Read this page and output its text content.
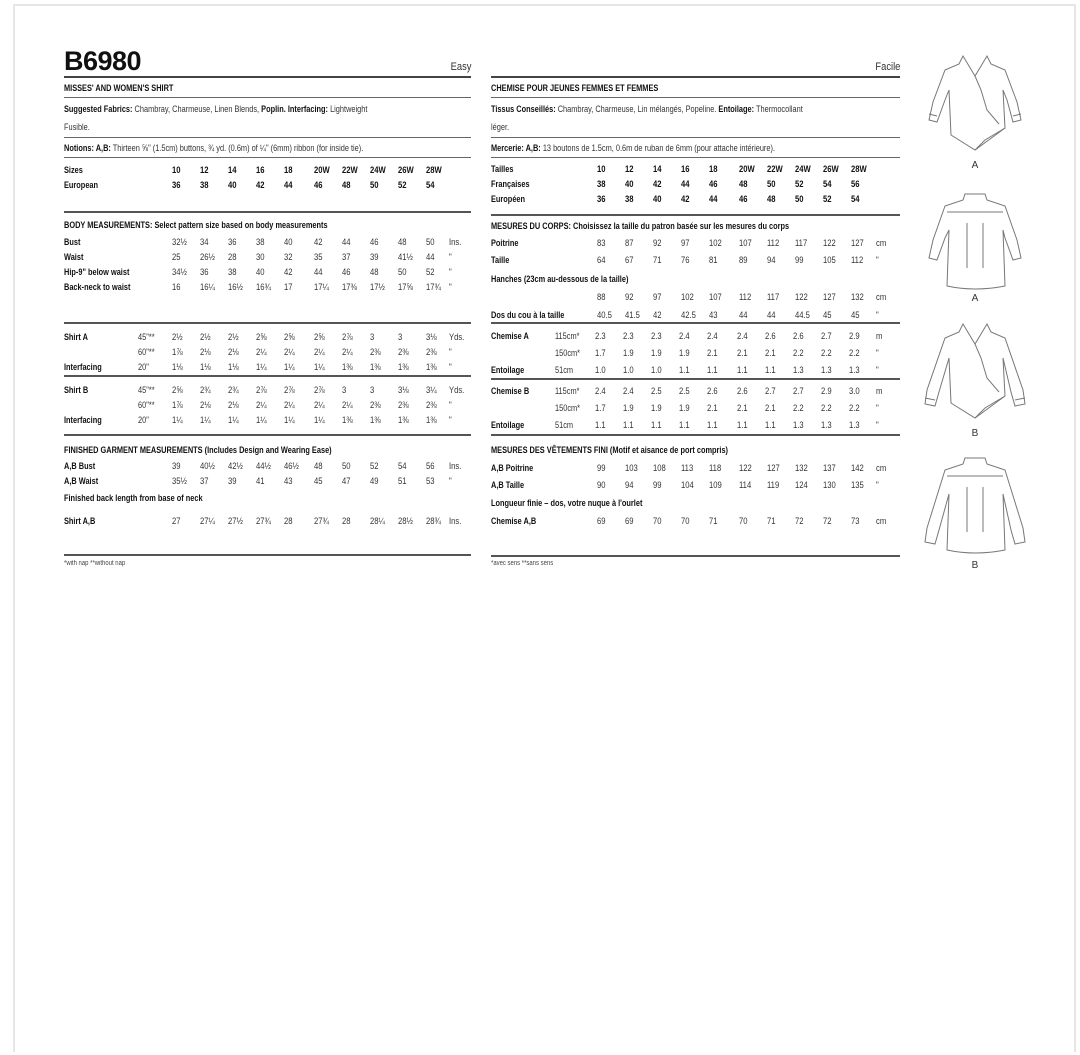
B6980	Easy
MISSES' AND WOMEN'S SHIRT
Suggested Fabrics: Chambray, Charmeuse, Linen Blends, Poplin. Interfacing: Lightweight
Fusible.
Notions: A,B: Thirteen ⅝" (1.5cm) buttons, ¾ yd. (0.6m) of ¼" (6mm) ribbon (for inside tie).
Sizes	10 12 14 16 18 20W 22W 24W 26W 28W
European	36 38 40 42 44 46 48 50 52 54
BODY MEASUREMENTS: Select pattern size based on body measurements
Bust	32½ 34 36 38 40 42 44 46 48 50 Ins.
Waist	25 26½ 28 30 32 35 37 39 41½ 44 "
Hip-9" below waist	34½ 36 38 40 42 44 46 48 50 52 "
Back-neck to waist	16 16¼ 16½ 16¾ 17 17¼ 17⅜ 17½ 17⅝ 17¾ "
Shirt A	45"** 2½ 2½ 2½ 2⅝ 2⅝ 2⅝ 2⅞ 3	3	3⅛ Yds.
60"** 1⅞ 2⅛ 2⅛ 2¼ 2¼ 2¼ 2¼ 2⅜ 2⅜ 2⅜ "
Interfacing	20"	1⅛ 1⅛ 1⅛ 1¼ 1¼ 1¼ 1⅜ 1⅜ 1⅜ 1⅜ "
Shirt B	45"** 2⅝ 2¾ 2¾ 2⅞ 2⅞ 2⅞ 3	3	3⅛ 3¼ Yds.
60"** 1⅞ 2⅛ 2⅛ 2¼ 2¼ 2¼ 2¼ 2⅜ 2⅜ 2⅜ "
Interfacing	20"	1¼ 1¼ 1¼ 1¼ 1¼ 1¼ 1⅜ 1⅜ 1⅜ 1⅜ "
FINISHED GARMENT MEASUREMENTS (Includes Design and Wearing Ease)
A,B Bust	39 40½ 42½ 44½ 46½ 48 50 52 54 56 Ins.
A,B Waist	35½ 37 39 41 43 45 47 49 51 53 "
Finished back length from base of neck
Shirt A,B	27 27¼ 27½ 27¾ 28 27¾ 28 28¼ 28½ 28¾ Ins.
*with nap **without nap
Facile
CHEMISE POUR JEUNES FEMMES ET FEMMES
Tissus Conseillés: Chambray, Charmeuse, Lin mélangés, Popeline. Entoilage: Thermocollant
léger.
Mercerie: A,B: 13 boutons de 1.5cm, 0.6m de ruban de 6mm (pour attache intérieure).
Tailles	10 12 14 16 18 20W 22W 24W 26W 28W
Françaises	38 40 42 44 46 48 50 52 54 56
Européen	36 38 40 42 44 46 48 50 52 54
MESURES DU CORPS: Choisissez la taille du patron basée sur les mesures du corps
Poitrine	83 87 92 97 102 107 112 117 122 127 cm
Taille	64 67 71 76 81 89 94 99 105 112 "
Hanches (23cm au-dessous de la taille)
88 92 97 102 107 112 117 122 127 132 cm
Dos du cou à la taille	40.5 41.5 42 42.5 43 44 44 44.5 45 45 "
Chemise A	115cm* 2.3 2.3 2.3 2.4 2.4 2.4 2.6 2.6 2.7 2.9 m
150cm* 1.7 1.9 1.9 1.9 2.1 2.1 2.1 2.2 2.2 2.2 "
Entoilage	51cm 1.0 1.0 1.0 1.1 1.1 1.1 1.1 1.3 1.3 1.3 "
Chemise B	115cm* 2.4 2.4 2.5 2.5 2.6 2.6 2.7 2.7 2.9 3.0 m
150cm* 1.7 1.9 1.9 1.9 2.1 2.1 2.1 2.2 2.2 2.2 "
Entoilage	51cm 1.1 1.1 1.1 1.1 1.1 1.1 1.1 1.3 1.3 1.3 "
MESURES DES VÊTEMENTS FINI (Motif et aisance de port compris)
A,B Poitrine	99 103 108 113 118 122 127 132 137 142 cm
A,B Taille	90 94 99 104 109 114 119 124 130 135 "
Longueur finie – dos, votre nuque à l'ourlet
Chemise A,B	69 69 70 70 71 70 71 72 72 73 cm
*avec sens **sans sens
A
A
B
B
